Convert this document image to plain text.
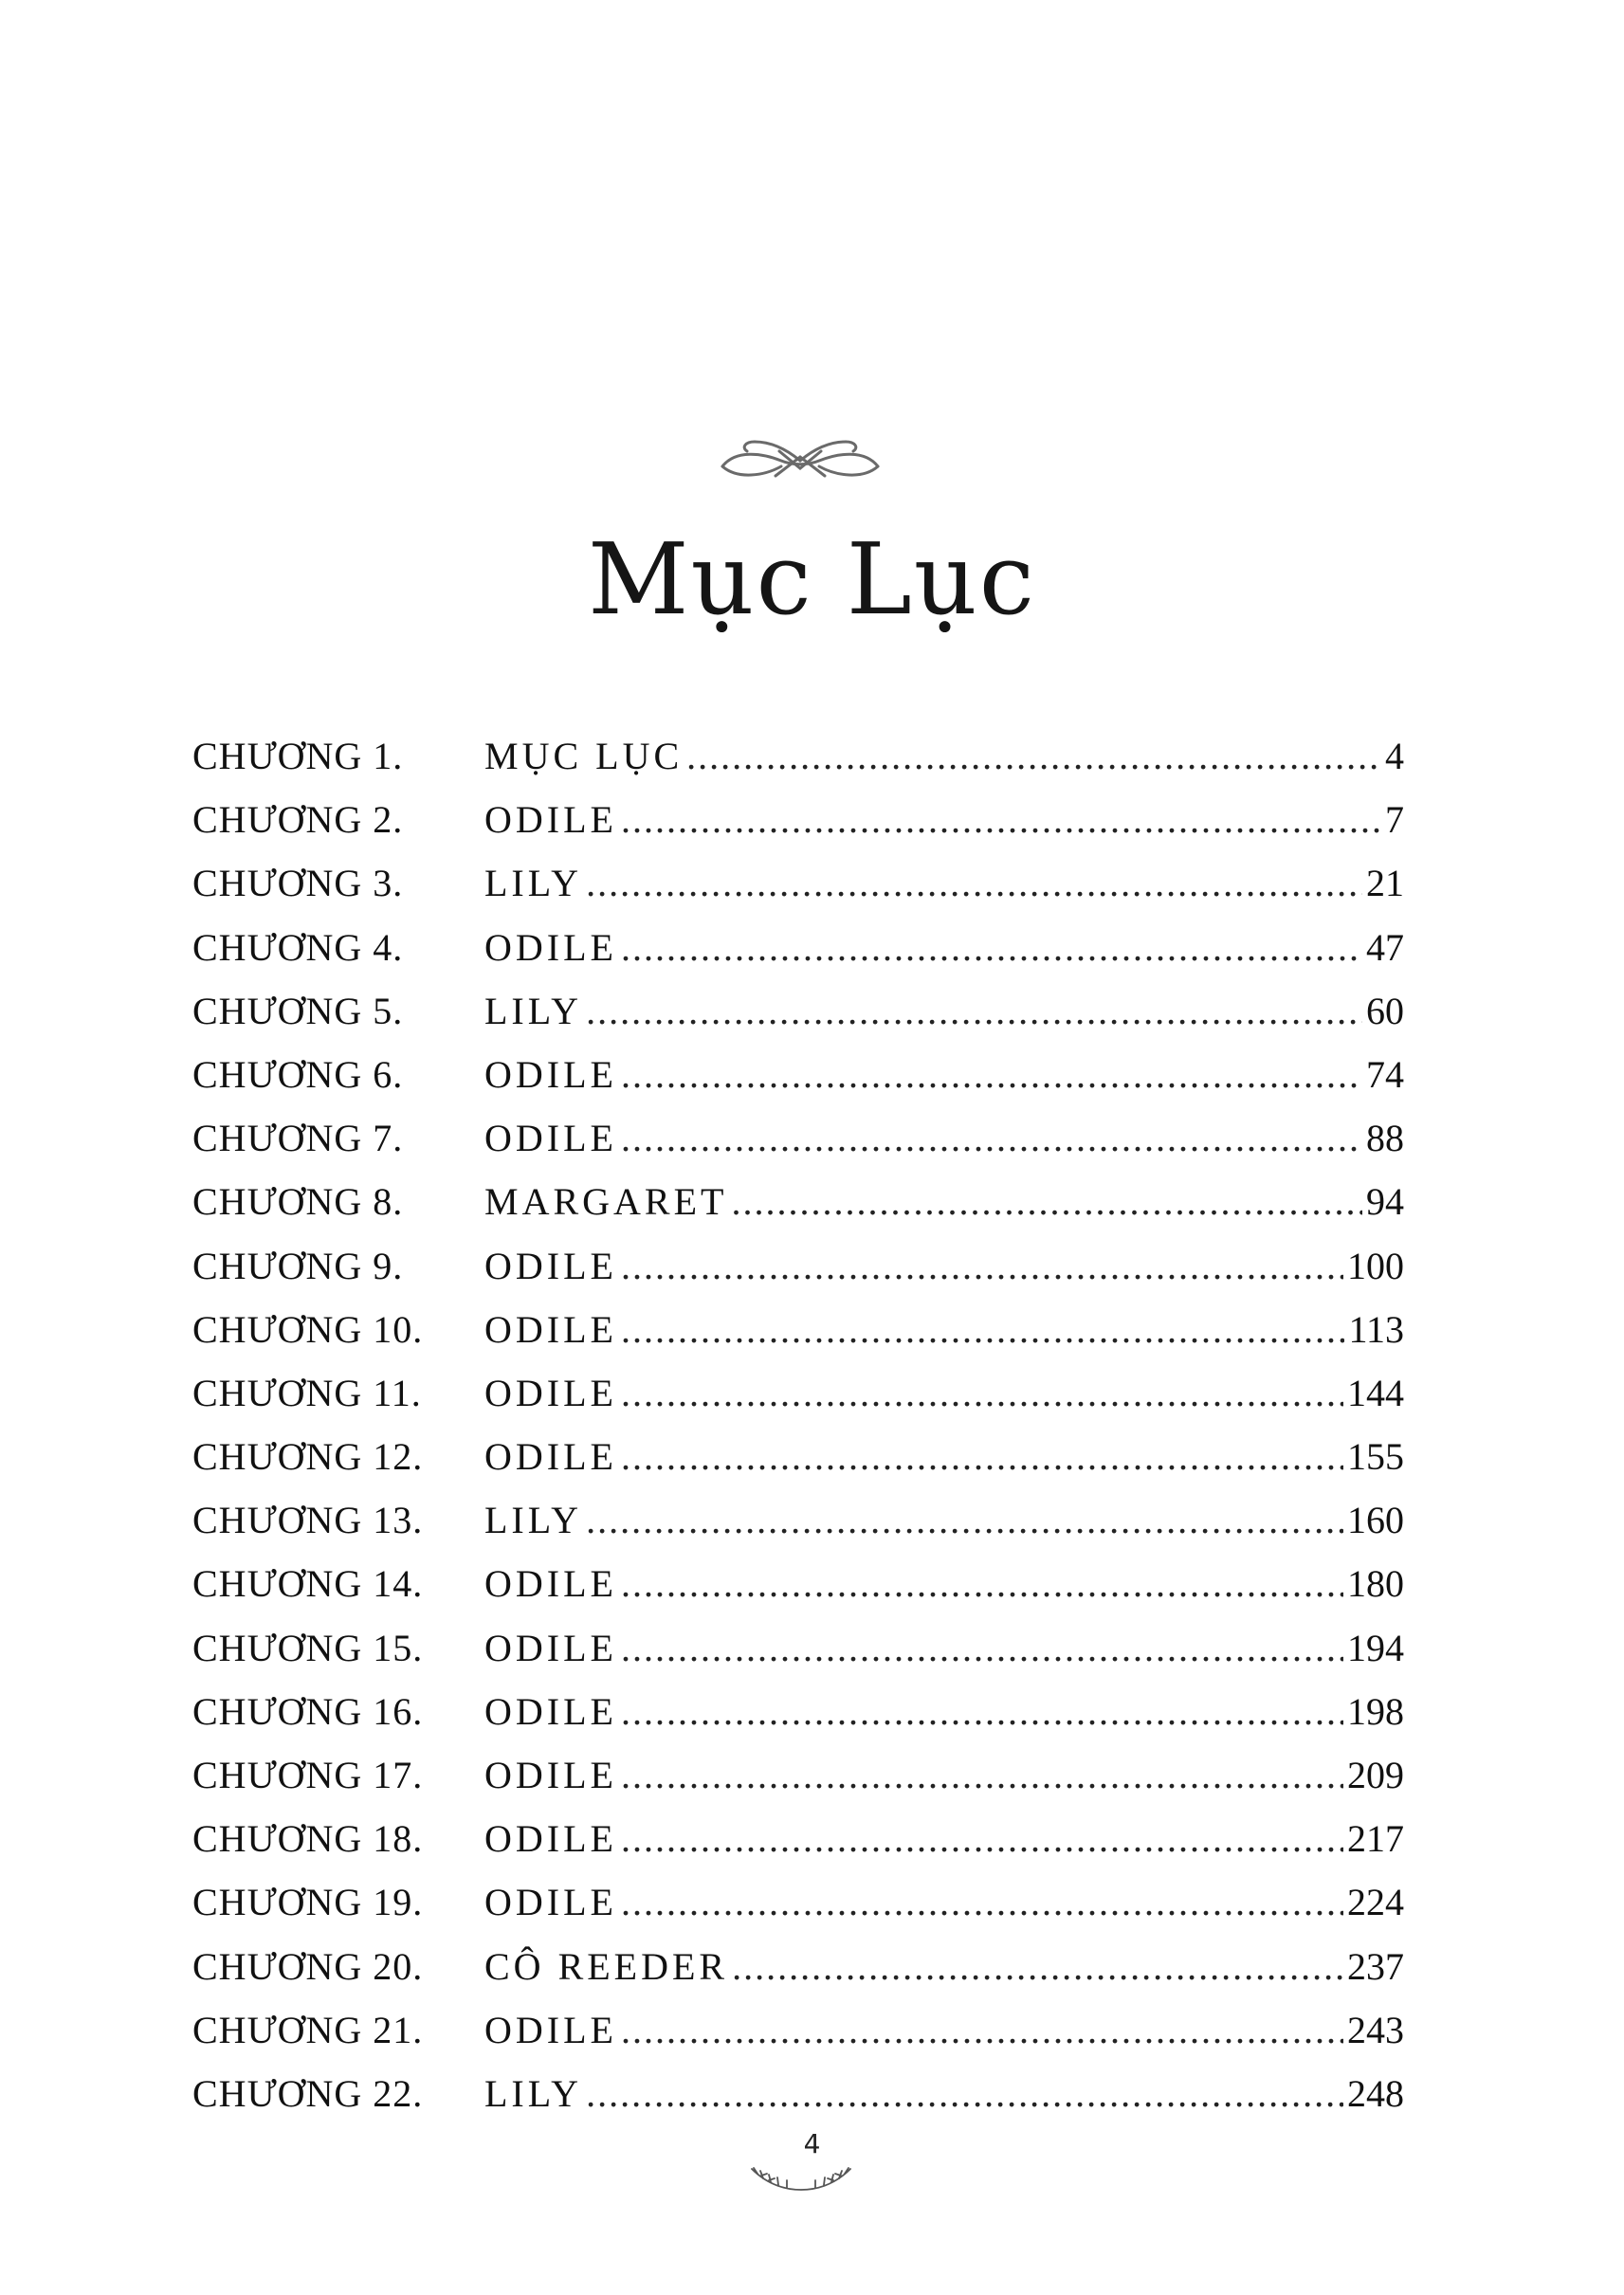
Mục Lục
CHƯƠNG 1.	MỤC LỤC .....	4
CHƯƠNG 2.	ODILE .....	7
CHƯƠNG 3.	LILY .....	21
CHƯƠNG 4.	ODILE .....	47
CHƯƠNG 5.	LILY .....	60
CHƯƠNG 6.	ODILE .....	74
CHƯƠNG 7.	ODILE .....	88
CHƯƠNG 8.	MARGARET .....	94
CHƯƠNG 9.	ODILE .....	100
CHƯƠNG 10.	ODILE .....	113
CHƯƠNG 11.	ODILE .....	144
CHƯƠNG 12.	ODILE .....	155
CHƯƠNG 13.	LILY .....	160
CHƯƠNG 14.	ODILE .....	180
CHƯƠNG 15.	ODILE .....	194
CHƯƠNG 16.	ODILE .....	198
CHƯƠNG 17.	ODILE .....	209
CHƯƠNG 18.	ODILE .....	217
CHƯƠNG 19.	ODILE .....	224
CHƯƠNG 20.	CÔ REEDER .....	237
CHƯƠNG 21.	ODILE .....	243
CHƯƠNG 22.	LILY .....	248
4
